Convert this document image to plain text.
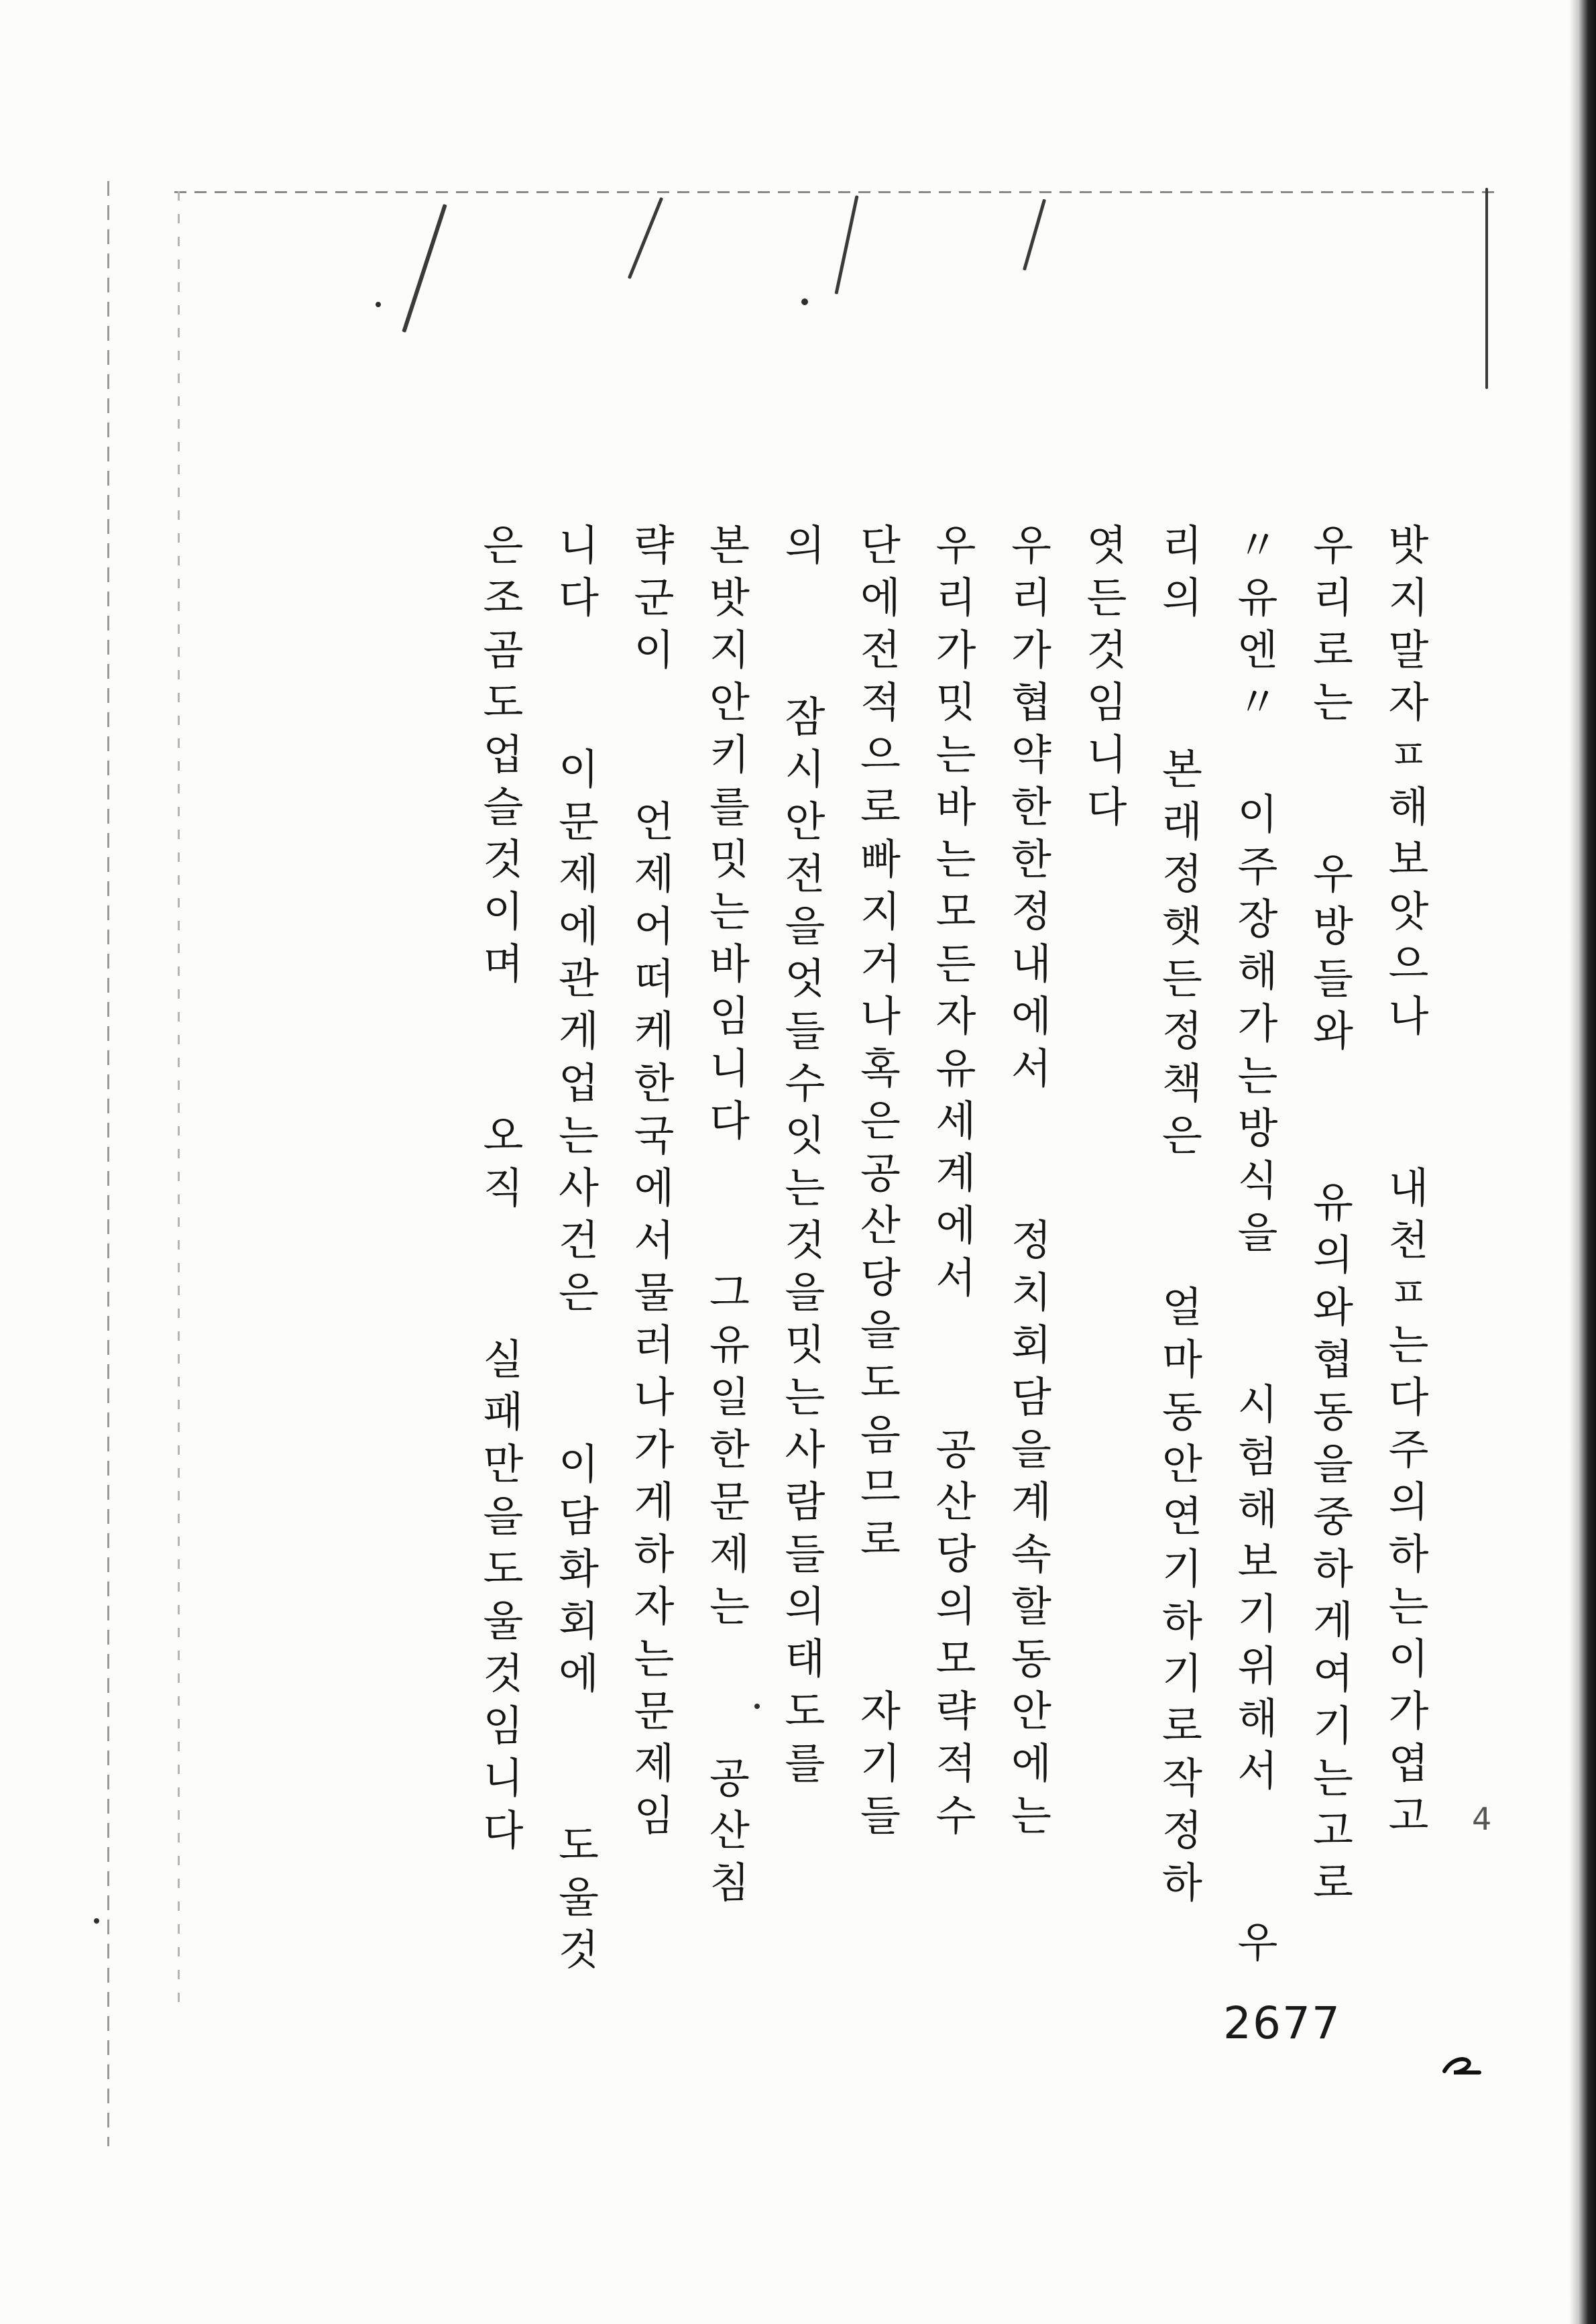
밧지말자ㅍ해보앗으나  내천ㅍ는다주의하는이가엽고
우리로는  우방들와  유의와협동을중하게여기는고로
〃유엔〃 이주장해가는방식을  시험해보기위해서  우
리의  본래정햇든정책은  얼마동안연기하기로작정하
엿든것임니다
우리가협약한한정내에서  정치회담을계속할동안에는
우리가밋는바는모든자유세계에서  공산당의모략적수
단에전적으로빠지거나혹은공산당을도음므로  자기들
의  잠시안전을엇들수잇는것을밋는사람들의태도를
본밧지안키를밋는바임니다  그유일한문제는  공산침
략군이  언제어떠케한국에서물러나가게하자는문제임
니다  이문제에관게업는사건은  이담화회에  도울것
은조곰도업슬것이며  오직  실패만을도울것임니다	4
2677
